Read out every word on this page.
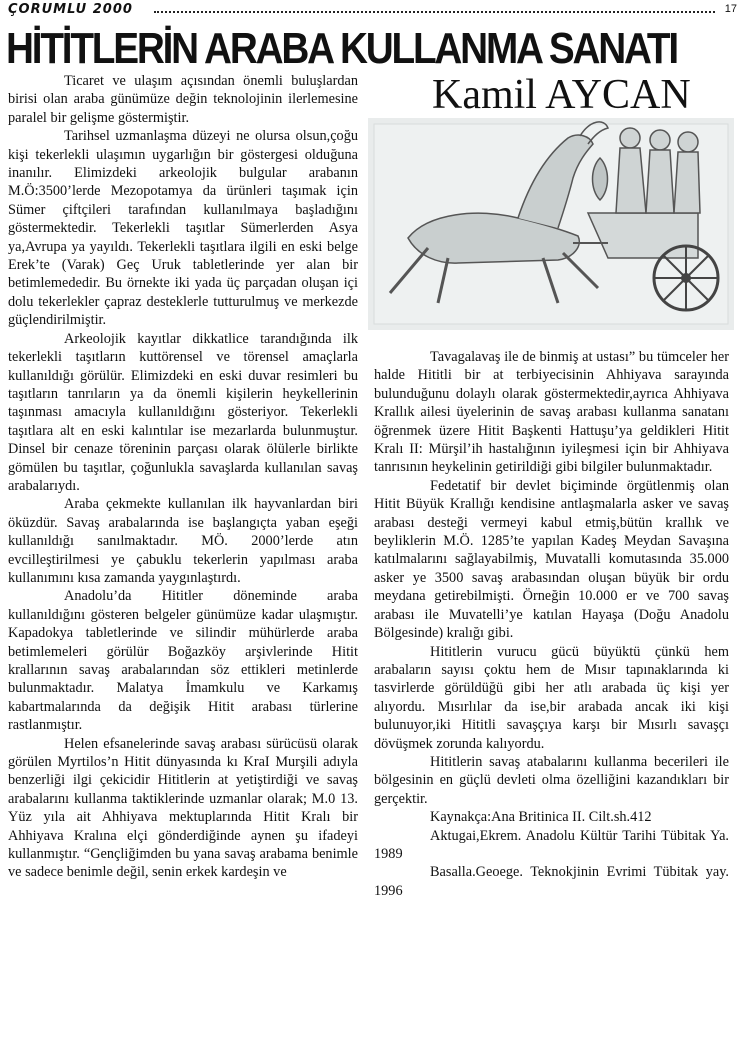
ÇORUMLU 2000	17
HİTİTLERİN ARABA KULLANMA SANATI
Kamil AYCAN

Ticaret ve ulaşım açısından önemli buluşlardan birisi olan araba günümüze değin teknolojinin ilerlemesine paralel bir gelişme göstermiştir.

Tarihsel uzmanlaşma düzeyi ne olursa olsun,çoğu kişi tekerlekli ulaşımın uygarlığın bir göstergesi olduğuna inanılır. Elimizdeki arkeolojik bulgular arabanın M.Ö:3500’lerde Mezopotamya da ürünleri taşımak için Sümer çiftçileri tarafından kullanılmaya başladığını göstermektedir. Tekerlekli taşıtlar Sümerlerden Asya ya,Avrupa ya yayıldı. Tekerlekli taşıtlara ilgili en eski belge Erek’te (Varak) Geç Uruk tabletlerinde yer alan bir betimlemededir. Bu örnekte iki yada üç parçadan oluşan içi dolu tekerlekler çapraz desteklerle tutturulmuş ve merkezde güçlendirilmiştir.

Arkeolojik kayıtlar dikkatlice tarandığında ilk tekerlekli taşıtların kuttörensel ve törensel amaçlarla kullanıldığı görülür. Elimizdeki en eski duvar resimleri bu taşıtların tanrıların ya da önemli kişilerin heykellerinin taşınması amacıyla kullanıldığını gösteriyor. Tekerlekli taşıtlara alt en eski kalıntılar ise mezarlarda bulunmuştur. Dinsel bir cenaze töreninin parçası olarak ölülerle birlikte gömülen bu taşıtlar, çoğunlukla savaşlarda kullanılan savaş arabalarıydı.

Araba çekmekte kullanılan ilk hayvanlardan biri öküzdür. Savaş arabalarında ise başlangıçta yaban eşeği kullanıldığı sanılmaktadır. MÖ. 2000’lerde atın evcilleştirilmesi ye çabuklu tekerlerin yapılması araba kullanımını kısa zamanda yaygınlaştırdı.

Anadolu’da Hititler döneminde araba kullanıldığını gösteren belgeler günümüze kadar ulaşmıştır. Kapadokya tabletlerinde ve silindir mühürlerde araba betimlemeleri görülür Boğazköy arşivlerinde Hitit krallarının savaş arabalarından söz ettikleri metinlerde bulunmaktadır. Malatya İmamkulu ve Karkamış kabartmalarında da değişik Hitit arabası türlerine rastlanmıştır.

Helen efsanelerinde savaş arabası sürücüsü olarak görülen Myrtilos’n Hitit dünyasında kı KraI Murşili adıyla benzerliği ilgi çekicidir Hititlerin at yetiştirdiği ve savaş arabalarını kullanma taktiklerinde uzmanlar olarak; M.0 13. Yüz yıla ait Ahhiyava mektuplarında Hitit Kralı bir Ahhiyava Kralına elçi gönderdiğinde aynen şu ifadeyi kullanmıştır. “Gençliğimden bu yana savaş arabama benimle ve sadece benimle değil, senin erkek kardeşin ve

Tavagalavaş ile de binmiş at ustası” bu tümceler her halde Hititli bir at terbiyecisinin Ahhiyava sarayında bulunduğunu dolaylı olarak göstermektedir,ayrıca Ahhiyava Krallık ailesi üyelerinin de savaş arabası kullanma sanatanı öğrenmek üzere Hitit Başkenti Hattuşu’ya geldikleri Hitit Kralı II: Mürşil’ih hastalığının iyileşmesi için bir Ahhiyava tanrısının heykelinin getirildiği gibi bilgiler bulunmaktadır.

Fedetatif bir devlet biçiminde örgütlenmiş olan Hitit Büyük Krallığı kendisine antlaşmalarla asker ve savaş arabası desteği vermeyi kabul etmiş,bütün krallık ve beyliklerin M.Ö. 1285’te yapılan Kadeş Meydan Savaşına katılmalarını sağlayabilmiş, Muvatalli komutasında 35.000 asker ye 3500 savaş arabasından oluşan büyük bir ordu meydana getirebilmişti. Örneğin 10.000 er ve 700 savaş arabası ile Muvatelli’ye katılan Hayaşa (Doğu Anadolu Bölgesinde) kralığı gibi.

Hititlerin vurucu gücü büyüktü çünkü hem arabaların sayısı çoktu hem de Mısır tapınaklarında ki tasvirlerde görüldüğü gibi her atlı arabada üç kişi yer alıyordu. Mısırlılar da ise,bir arabada ancak iki kişi bulunuyor,iki Hititli savaşçıya karşı bir Mısırlı savaşçı dövüşmek zorunda kalıyordu.

Hititlerin savaş atabalarını kullanma becerileri ile bölgesinin en güçlü devleti olma özelliğini kazandıkları bir gerçektir.

Kaynakça:Ana Britinica II. Cilt.sh.412

Aktugai,Ekrem. Anadolu Kültür Tarihi Tübitak Ya. 1989

Basalla.Geoege. Teknokjinin Evrimi Tübitak yay. 1996
